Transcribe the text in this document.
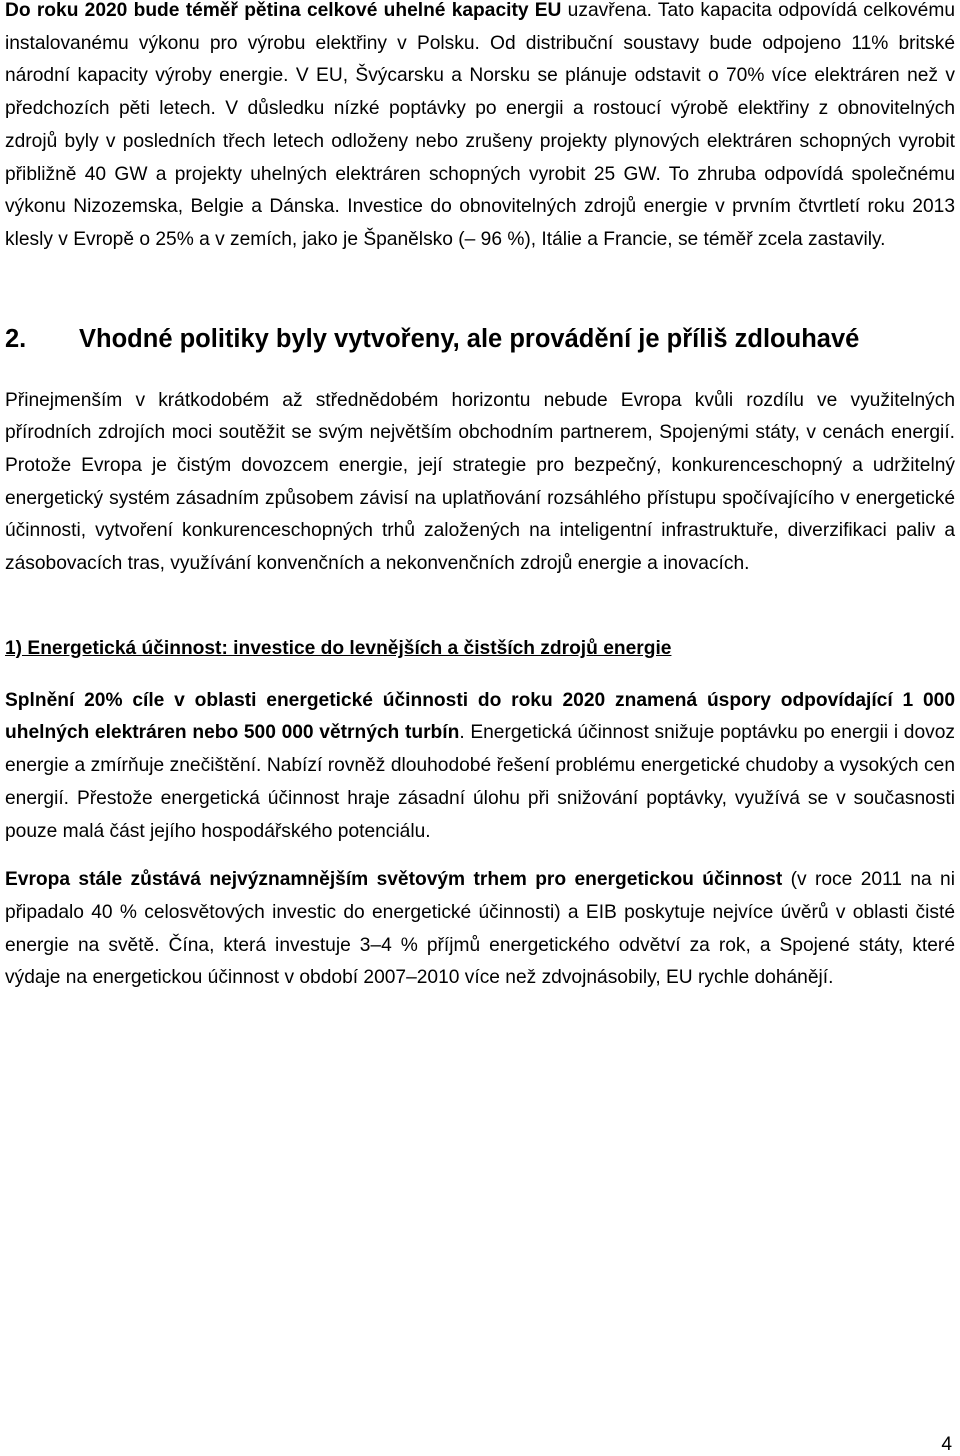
Do roku 2020 bude téměř pětina celkové uhelné kapacity EU uzavřena. Tato kapacita odpovídá celkovému instalovanému výkonu pro výrobu elektřiny v Polsku. Od distribuční soustavy bude odpojeno 11% britské národní kapacity výroby energie. V EU, Švýcarsku a Norsku se plánuje odstavit o 70% více elektráren než v předchozích pěti letech. V důsledku nízké poptávky po energii a rostoucí výrobě elektřiny z obnovitelných zdrojů byly v posledních třech letech odloženy nebo zrušeny projekty plynových elektráren schopných vyrobit přibližně 40 GW a projekty uhelných elektráren schopných vyrobit 25 GW. To zhruba odpovídá společnému výkonu Nizozemska, Belgie a Dánska. Investice do obnovitelných zdrojů energie v prvním čtvrtletí roku 2013 klesly v Evropě o 25% a v zemích, jako je Španělsko (– 96 %), Itálie a Francie, se téměř zcela zastavily.

2.	Vhodné politiky byly vytvořeny, ale provádění je příliš zdlouhavé

Přinejmenším v krátkodobém až střednědobém horizontu nebude Evropa kvůli rozdílu ve využitelných přírodních zdrojích moci soutěžit se svým největším obchodním partnerem, Spojenými státy, v cenách energií. Protože Evropa je čistým dovozcem energie, její strategie pro bezpečný, konkurenceschopný a udržitelný energetický systém zásadním způsobem závisí na uplatňování rozsáhlého přístupu spočívajícího v energetické účinnosti, vytvoření konkurenceschopných trhů založených na inteligentní infrastruktuře, diverzifikaci paliv a zásobovacích tras, využívání konvenčních a nekonvenčních zdrojů energie a inovacích.

1) Energetická účinnost: investice do levnějších a čistších zdrojů energie

Splnění 20% cíle v oblasti energetické účinnosti do roku 2020 znamená úspory odpovídající 1 000 uhelných elektráren nebo 500 000 větrných turbín. Energetická účinnost snižuje poptávku po energii i dovoz energie a zmírňuje znečištění. Nabízí rovněž dlouhodobé řešení problému energetické chudoby a vysokých cen energií. Přestože energetická účinnost hraje zásadní úlohu při snižování poptávky, využívá se v současnosti pouze malá část jejího hospodářského potenciálu.

Evropa stále zůstává nejvýznamnějším světovým trhem pro energetickou účinnost (v roce 2011 na ni připadalo 40 % celosvětových investic do energetické účinnosti) a EIB poskytuje nejvíce úvěrů v oblasti čisté energie na světě. Čína, která investuje 3–4 % příjmů energetického odvětví za rok, a Spojené státy, které výdaje na energetickou účinnost v období 2007–2010 více než zdvojnásobily, EU rychle dohánějí.

4
